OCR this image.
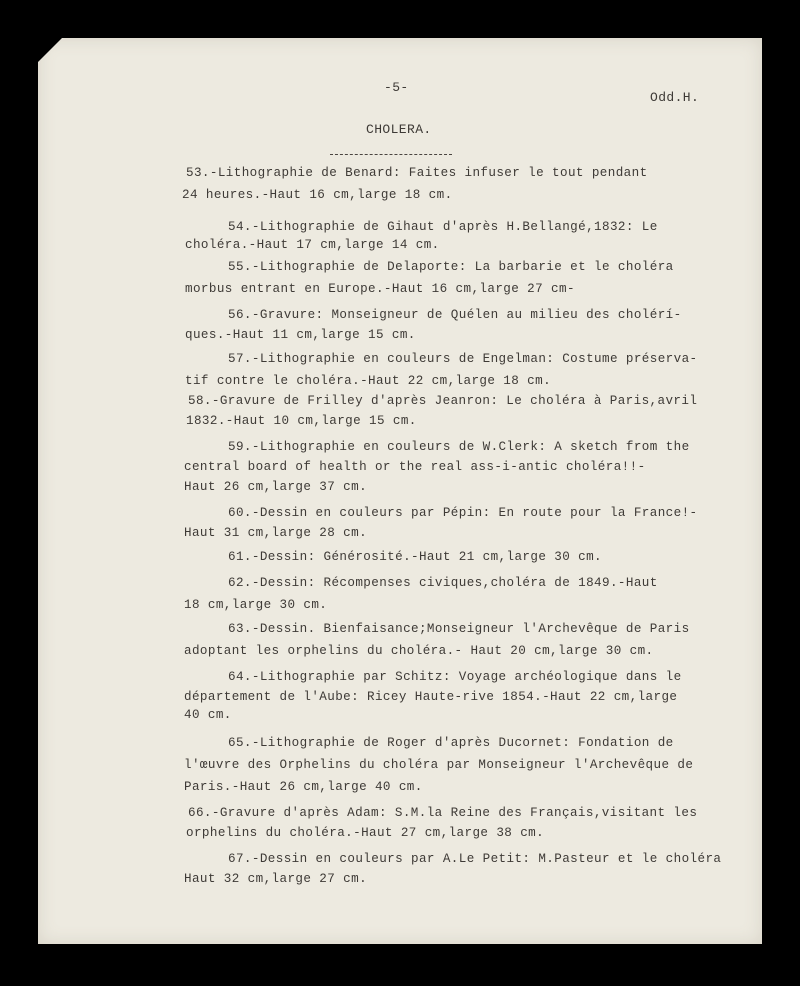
-5-
Odd.H.
CHOLERA.
53.-Lithographie de Benard: Faites infuser le tout pendant
24 heures.-Haut 16 cm,large 18 cm.
54.-Lithographie de Gihaut d'après H.Bellangé,1832: Le
choléra.-Haut 17 cm,large 14 cm.
55.-Lithographie de Delaporte: La barbarie et le choléra
morbus entrant en Europe.-Haut 16 cm,large 27 cm-
56.-Gravure: Monseigneur de Quélen au milieu des cholérí-
ques.-Haut 11 cm,large 15 cm.
57.-Lithographie en couleurs de Engelman: Costume préserva-
tif contre le choléra.-Haut 22 cm,large 18 cm.
58.-Gravure de Frilley d'après Jeanron: Le choléra à Paris,avril
1832.-Haut 10 cm,large 15 cm.
59.-Lithographie en couleurs de W.Clerk: A sketch from the
central board of health or the real ass-i-antic choléra!!-
Haut 26 cm,large 37 cm.
60.-Dessin en couleurs par Pépin: En route pour la France!-
Haut 31 cm,large 28 cm.
61.-Dessin: Générosité.-Haut 21 cm,large 30 cm.
62.-Dessin: Récompenses civiques,choléra de 1849.-Haut
18 cm,large 30 cm.
63.-Dessin. Bienfaisance;Monseigneur l'Archevêque de Paris
adoptant les orphelins du choléra.- Haut 20 cm,large 30 cm.
64.-Lithographie par Schitz: Voyage archéologique dans le
département de l'Aube: Ricey Haute-rive 1854.-Haut 22 cm,large
40 cm.
65.-Lithographie de Roger d'après Ducornet: Fondation de
l'œuvre des Orphelins du choléra par Monseigneur l'Archevêque de
Paris.-Haut 26 cm,large 40 cm.
66.-Gravure d'après Adam: S.M.la Reine des Français,visitant les
orphelins du choléra.-Haut 27 cm,large 38 cm.
67.-Dessin en couleurs par A.Le Petit: M.Pasteur et le choléra
Haut 32 cm,large 27 cm.
